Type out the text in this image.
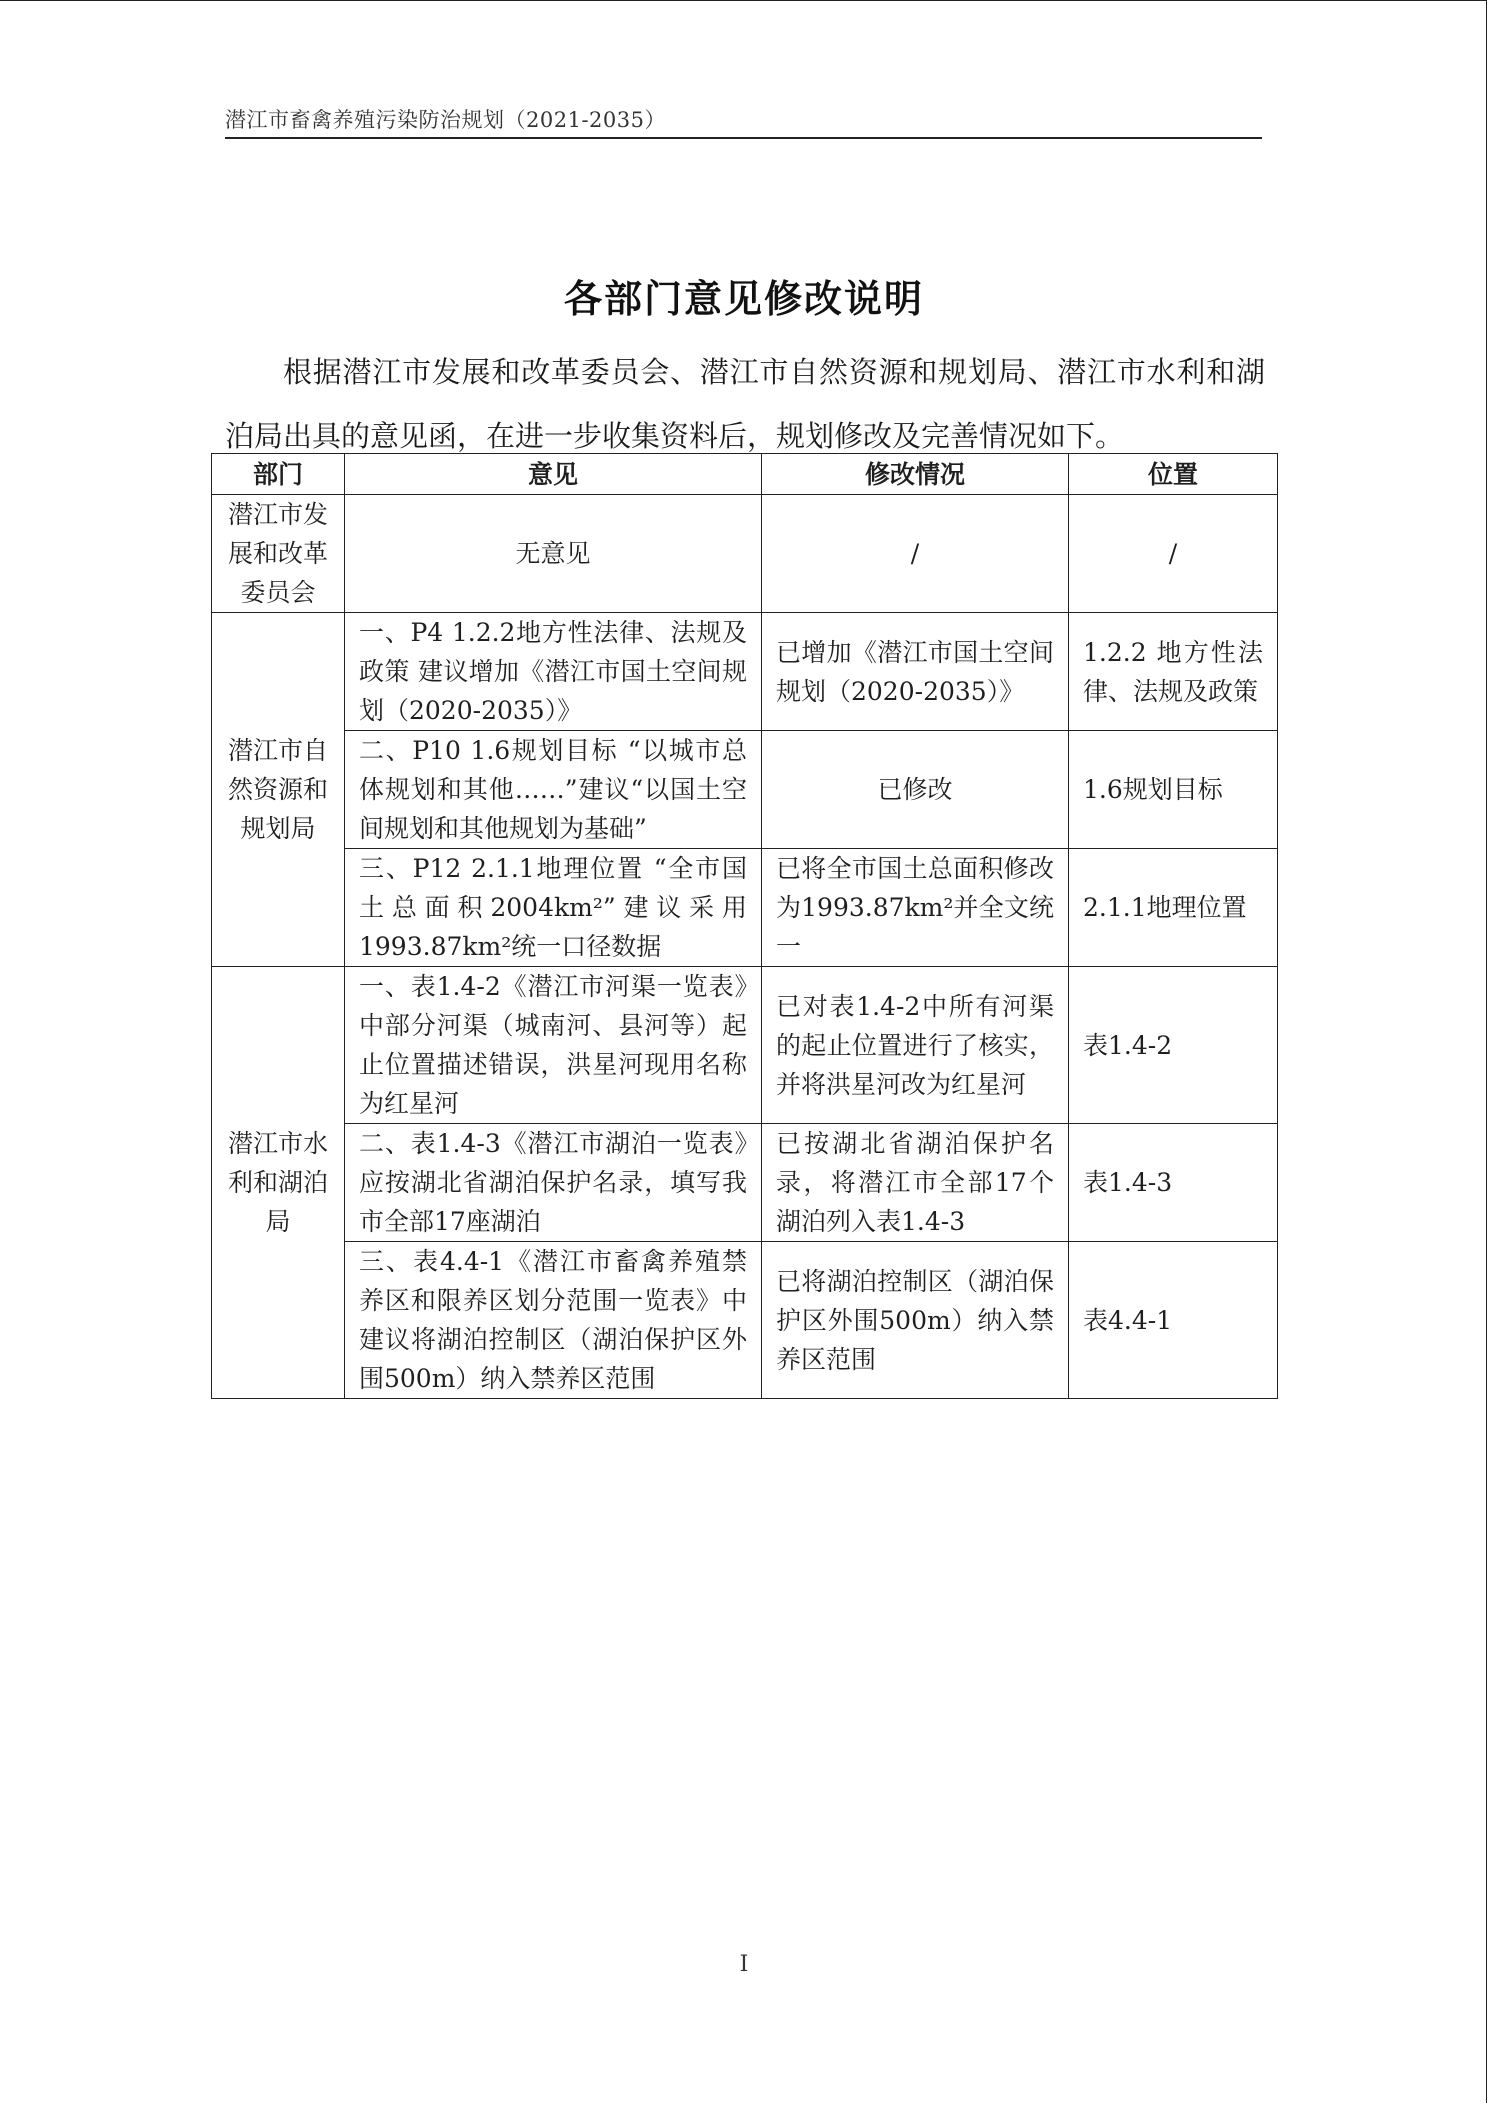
潜江市畜禽养殖污染防治规划（2021-2035）
各部门意见修改说明
根据潜江市发展和改革委员会、潜江市自然资源和规划局、潜江市水利和湖泊局出具的意见函，在进一步收集资料后，规划修改及完善情况如下。
部门	意见	修改情况	位置
潜江市发展和改革委员会	无意见	/	/
潜江市自然资源和规划局	一、P4 1.2.2地方性法律、法规及政策 建议增加《潜江市国土空间规划（2020-2035）》	已增加《潜江市国土空间规划（2020-2035）》	1.2.2 地方性法律、法规及政策
	二、P10 1.6规划目标 “以城市总体规划和其他……”建议“以国土空间规划和其他规划为基础”	已修改	1.6规划目标
	三、P12 2.1.1地理位置 “全市国土总面积2004km²”建议采用1993.87km²统一口径数据	已将全市国土总面积修改为1993.87km²并全文统一	2.1.1地理位置
潜江市水利和湖泊局	一、表1.4-2《潜江市河渠一览表》中部分河渠（城南河、县河等）起止位置描述错误，洪星河现用名称为红星河	已对表1.4-2中所有河渠的起止位置进行了核实，并将洪星河改为红星河	表1.4-2
	二、表1.4-3《潜江市湖泊一览表》应按湖北省湖泊保护名录，填写我市全部17座湖泊	已按湖北省湖泊保护名录，将潜江市全部17个湖泊列入表1.4-3	表1.4-3
	三、表4.4-1《潜江市畜禽养殖禁养区和限养区划分范围一览表》中建议将湖泊控制区（湖泊保护区外围500m）纳入禁养区范围	已将湖泊控制区（湖泊保护区外围500m）纳入禁养区范围	表4.4-1
I
